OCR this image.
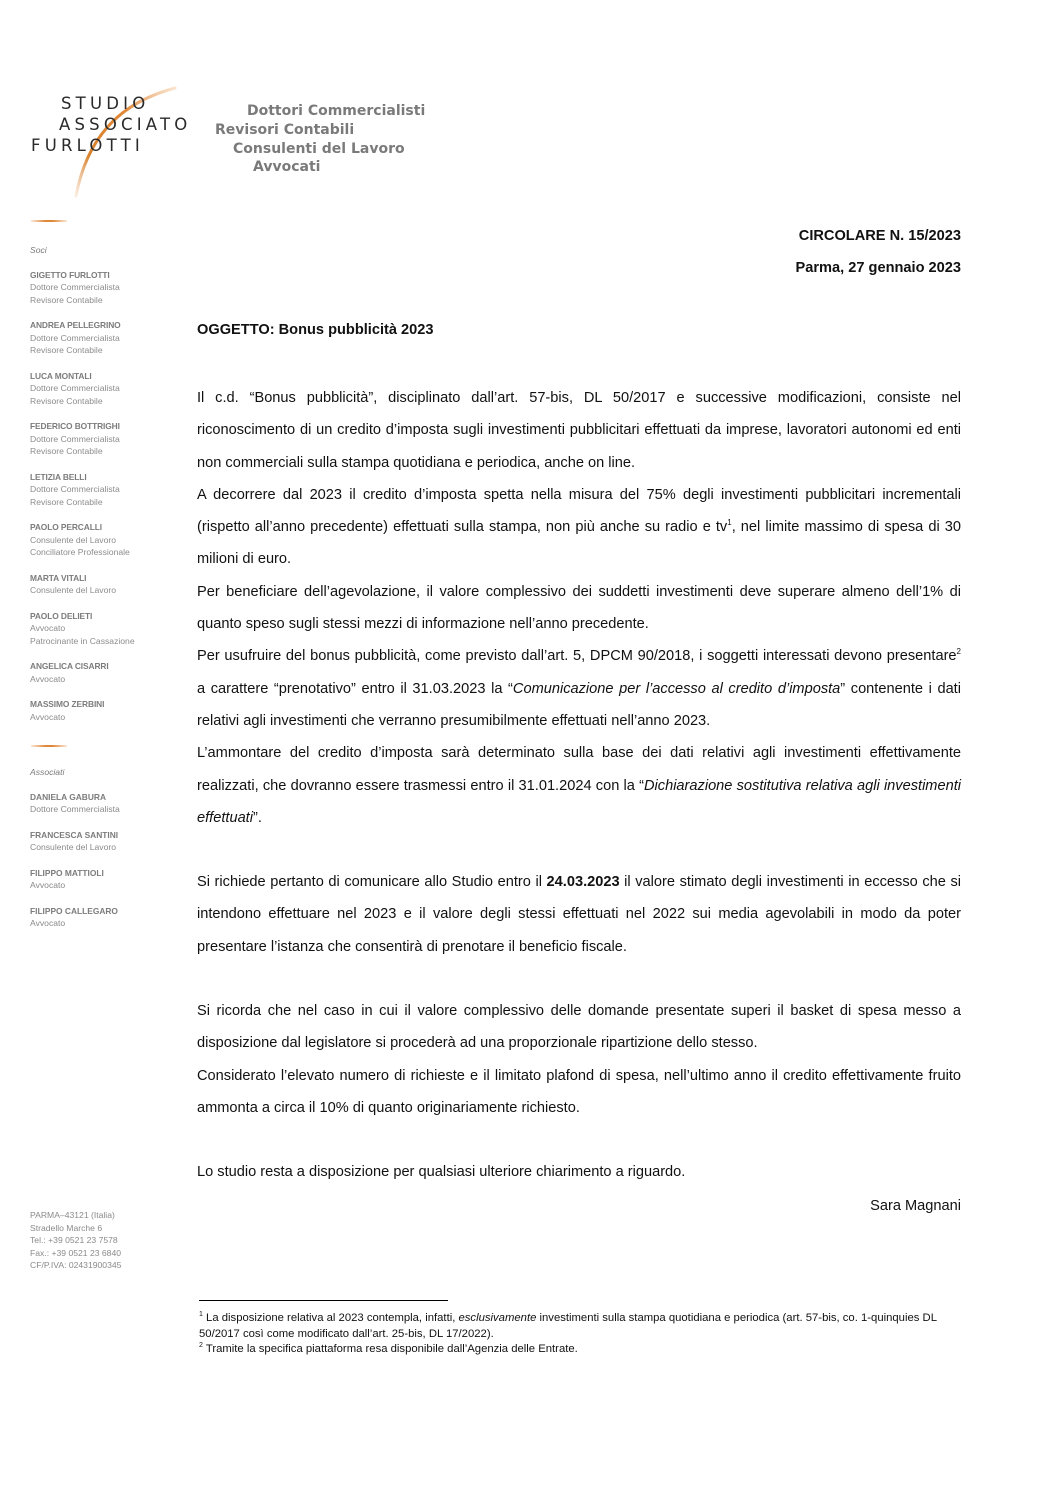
STUDIO
ASSOCIATO
FURLOTTI
Dottori Commercialisti
Revisori Contabili
Consulenti del Lavoro
Avvocati
Soci
GIGETTO FURLOTTI
Dottore Commercialista
Revisore Contabile
ANDREA PELLEGRINO
Dottore Commercialista
Revisore Contabile
LUCA MONTALI
Dottore Commercialista
Revisore Contabile
FEDERICO BOTTRIGHI
Dottore Commercialista
Revisore Contabile
LETIZIA BELLI
Dottore Commercialista
Revisore Contabile
PAOLO PERCALLI
Consulente del Lavoro
Conciliatore Professionale
MARTA VITALI
Consulente del Lavoro
PAOLO DELIETI
Avvocato
Patrocinante in Cassazione
ANGELICA CISARRI
Avvocato
MASSIMO ZERBINI
Avvocato
Associati
DANIELA GABURA
Dottore Commercialista
FRANCESCA SANTINI
Consulente del Lavoro
FILIPPO MATTIOLI
Avvocato
FILIPPO CALLEGARO
Avvocato
PARMA–43121 (Italia)
Stradello Marche 6
Tel.: +39 0521 23 7578
Fax.: +39 0521 23 6840
CF/P.IVA: 02431900345
CIRCOLARE N. 15/2023
Parma, 27 gennaio 2023
OGGETTO: Bonus pubblicità 2023

Il c.d. “Bonus pubblicità”, disciplinato dall’art. 57-bis, DL 50/2017 e successive modificazioni, consiste nel riconoscimento di un credito d’imposta sugli investimenti pubblicitari effettuati da imprese, lavoratori autonomi ed enti non commerciali sulla stampa quotidiana e periodica, anche on line.

A decorrere dal 2023 il credito d’imposta spetta nella misura del 75% degli investimenti pubblicitari incrementali (rispetto all’anno precedente) effettuati sulla stampa, non più anche su radio e $tv^1$, nel limite massimo di spesa di 30 milioni di euro.

Per beneficiare dell’agevolazione, il valore complessivo dei suddetti investimenti deve superare almeno dell’1% di quanto speso sugli stessi mezzi di informazione nell’anno precedente.

Per usufruire del bonus pubblicità, come previsto dall’art. 5, DPCM 90/2018, i soggetti interessati devono presentare$^2$ a carattere “prenotativo” entro il 31.03.2023 la “Comunicazione per l’accesso al credito d’imposta” contenente i dati relativi agli investimenti che verranno presumibilmente effettuati nell’anno 2023.

L’ammontare del credito d’imposta sarà determinato sulla base dei dati relativi agli investimenti effettivamente realizzati, che dovranno essere trasmessi entro il 31.01.2024 con la “Dichiarazione sostitutiva relativa agli investimenti effettuati”.

Si richiede pertanto di comunicare allo Studio entro il 24.03.2023 il valore stimato degli investimenti in eccesso che si intendono effettuare nel 2023 e il valore degli stessi effettuati nel 2022 sui media agevolabili in modo da poter presentare l’istanza che consentirà di prenotare il beneficio fiscale.

Si ricorda che nel caso in cui il valore complessivo delle domande presentate superi il basket di spesa messo a disposizione dal legislatore si procederà ad una proporzionale ripartizione dello stesso.

Considerato l’elevato numero di richieste e il limitato plafond di spesa, nell’ultimo anno il credito effettivamente fruito ammonta a circa il 10% di quanto originariamente richiesto.

Lo studio resta a disposizione per qualsiasi ulteriore chiarimento a riguardo.

Sara Magnani

$^1$ La disposizione relativa al 2023 contempla, infatti, esclusivamente investimenti sulla stampa quotidiana e periodica (art. 57-bis, co. 1-quinquies DL 50/2017 così come modificato dall’art. 25-bis, DL 17/2022).

$^2$ Tramite la specifica piattaforma resa disponibile dall’Agenzia delle Entrate.
